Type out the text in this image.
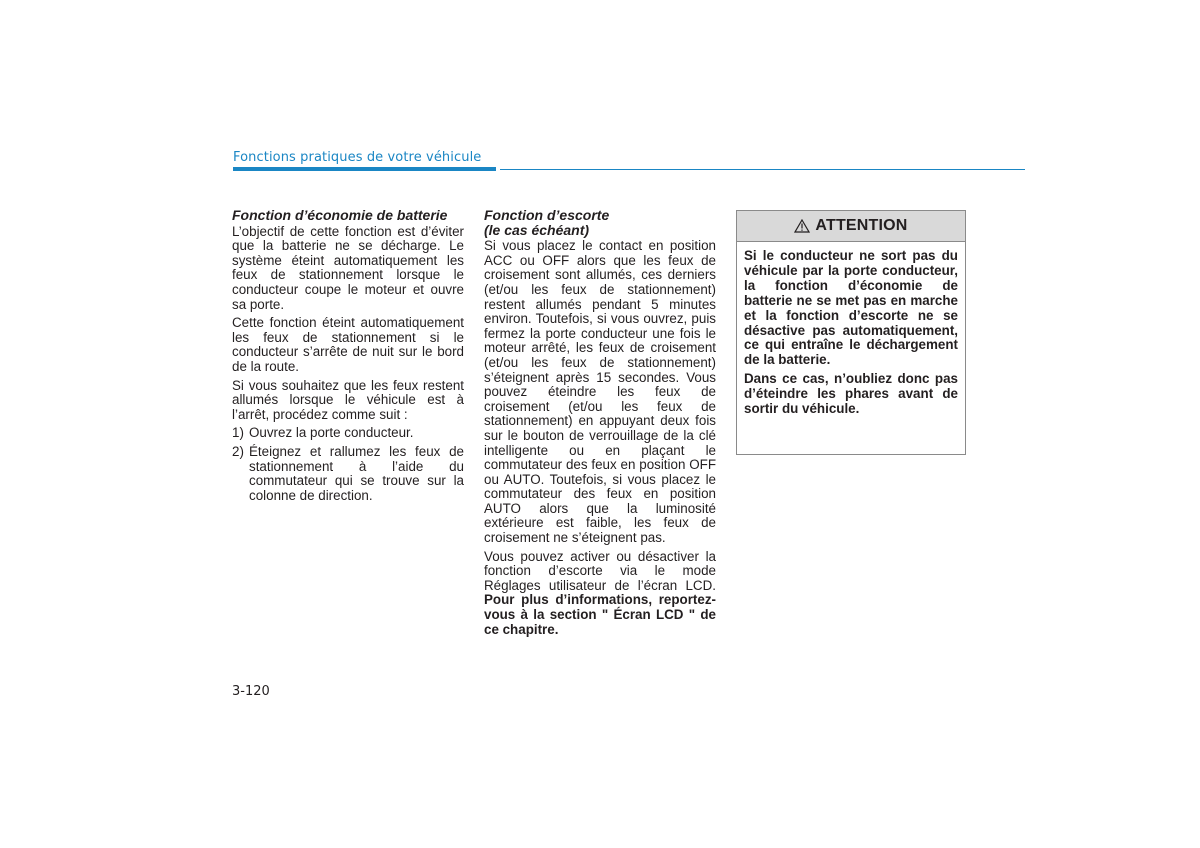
Fonctions pratiques de votre véhicule
Fonction d’économie de batterie

L’objectif de cette fonction est d’éviter que la batterie ne se décharge. Le système éteint automatiquement les feux de stationnement lorsque le conducteur coupe le moteur et ouvre sa porte.

Cette fonction éteint automatiquement les feux de stationnement si le conducteur s’arrête de nuit sur le bord de la route.

Si vous souhaitez que les feux restent allumés lorsque le véhicule est à l’arrêt, procédez comme suit :

1) Ouvrez la porte conducteur.
2) Éteignez et rallumez les feux de stationnement à l’aide du commutateur qui se trouve sur la colonne de direction.
Fonction d’escorte
(le cas échéant)

Si vous placez le contact en position ACC ou OFF alors que les feux de croisement sont allumés, ces derniers (et/ou les feux de stationnement) restent allumés pendant 5 minutes environ. Toutefois, si vous ouvrez, puis fermez la porte conducteur une fois le moteur arrêté, les feux de croisement (et/ou les feux de stationnement) s’éteignent après 15 secondes. Vous pouvez éteindre les feux de croisement (et/ou les feux de stationnement) en appuyant deux fois sur le bouton de verrouillage de la clé intelligente ou en plaçant le commutateur des feux en position OFF ou AUTO. Toutefois, si vous placez le commutateur des feux en position AUTO alors que la luminosité extérieure est faible, les feux de croisement ne s’éteignent pas.

Vous pouvez activer ou désactiver la fonction d’escorte via le mode Réglages utilisateur de l’écran LCD. Pour plus d’informations, reportez-vous à la section " Écran LCD " de ce chapitre.

ATTENTION

Si le conducteur ne sort pas du véhicule par la porte conducteur, la fonction d’économie de batterie ne se met pas en marche et la fonction d’escorte ne se désactive pas automatiquement, ce qui entraîne le déchargement de la batterie.

Dans ce cas, n’oubliez donc pas d’éteindre les phares avant de sortir du véhicule.

3-120
